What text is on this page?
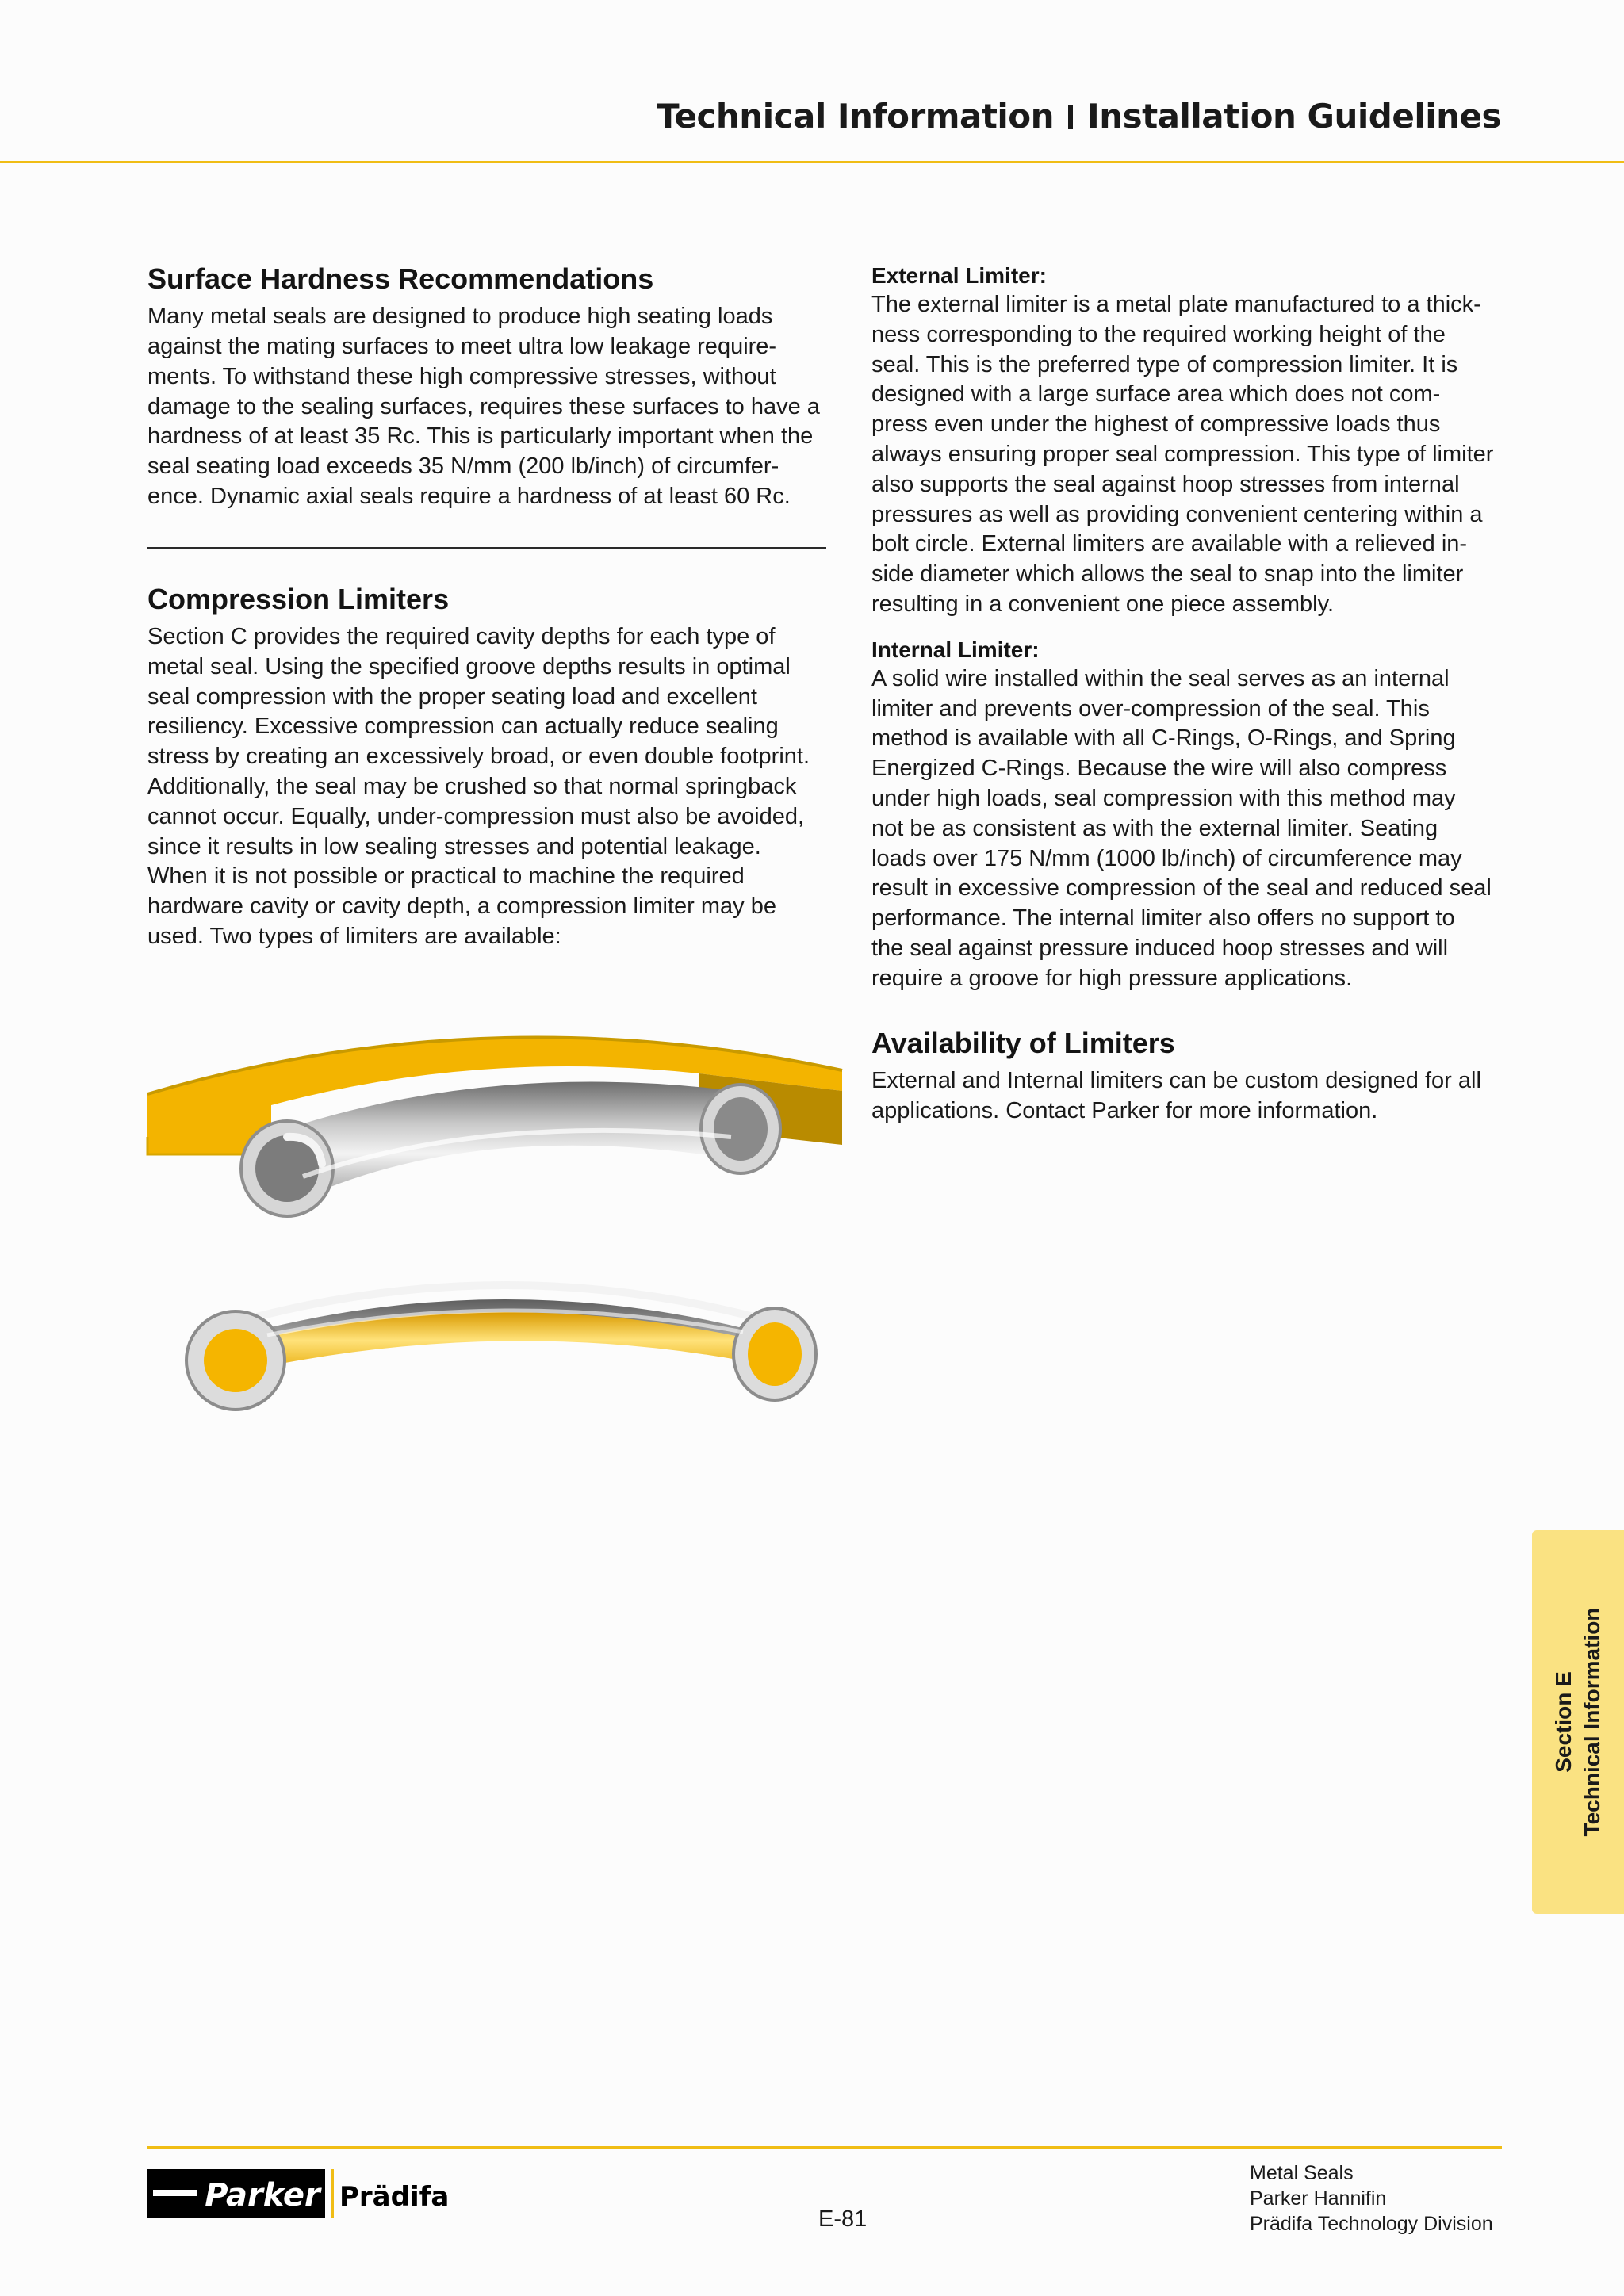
Technical Information Installation Guidelines
Surface Hardness Recommendations

Many metal seals are designed to produce high seating loads
against the mating surfaces to meet ultra low leakage require-
ments. To withstand these high compressive stresses, without
damage to the sealing surfaces, requires these surfaces to have a
hardness of at least 35 Rc. This is particularly important when the
seal seating load exceeds 35 N/mm (200 lb/inch) of circumfer-
ence. Dynamic axial seals require a hardness of at least 60 Rc.

Compression Limiters

Section C provides the required cavity depths for each type of
metal seal. Using the specified groove depths results in optimal
seal compression with the proper seating load and excellent
resiliency. Excessive compression can actually reduce sealing
stress by creating an excessively broad, or even double footprint.
Additionally, the seal may be crushed so that normal springback
cannot occur. Equally, under-compression must also be avoided,
since it results in low sealing stresses and potential leakage.
When it is not possible or practical to machine the required
hardware cavity or cavity depth, a compression limiter may be
used. Two types of limiters are available:

External Limiter:

The external limiter is a metal plate manufactured to a thick-
ness corresponding to the required working height of the
seal. This is the preferred type of compression limiter. It is
designed with a large surface area which does not com-
press even under the highest of compressive loads thus
always ensuring proper seal compression. This type of limiter
also supports the seal against hoop stresses from internal
pressures as well as providing convenient centering within a
bolt circle. External limiters are available with a relieved in-
side diameter which allows the seal to snap into the limiter
resulting in a convenient one piece assembly.

Internal Limiter:

A solid wire installed within the seal serves as an internal
limiter and prevents over-compression of the seal. This
method is available with all C-Rings, O-Rings, and Spring
Energized C-Rings. Because the wire will also compress
under high loads, seal compression with this method may
not be as consistent as with the external limiter. Seating
loads over 175 N/mm (1000 lb/inch) of circumference may
result in excessive compression of the seal and reduced seal
performance. The internal limiter also offers no support to
the seal against pressure induced hoop stresses and will
require a groove for high pressure applications.

Availability of Limiters

External and Internal limiters can be custom designed for all
applications. Contact Parker for more information.

Section E Technical Information
Parker Prädifa
E-81
Metal Seals
Parker Hannifin
Prädifa Technology Division
